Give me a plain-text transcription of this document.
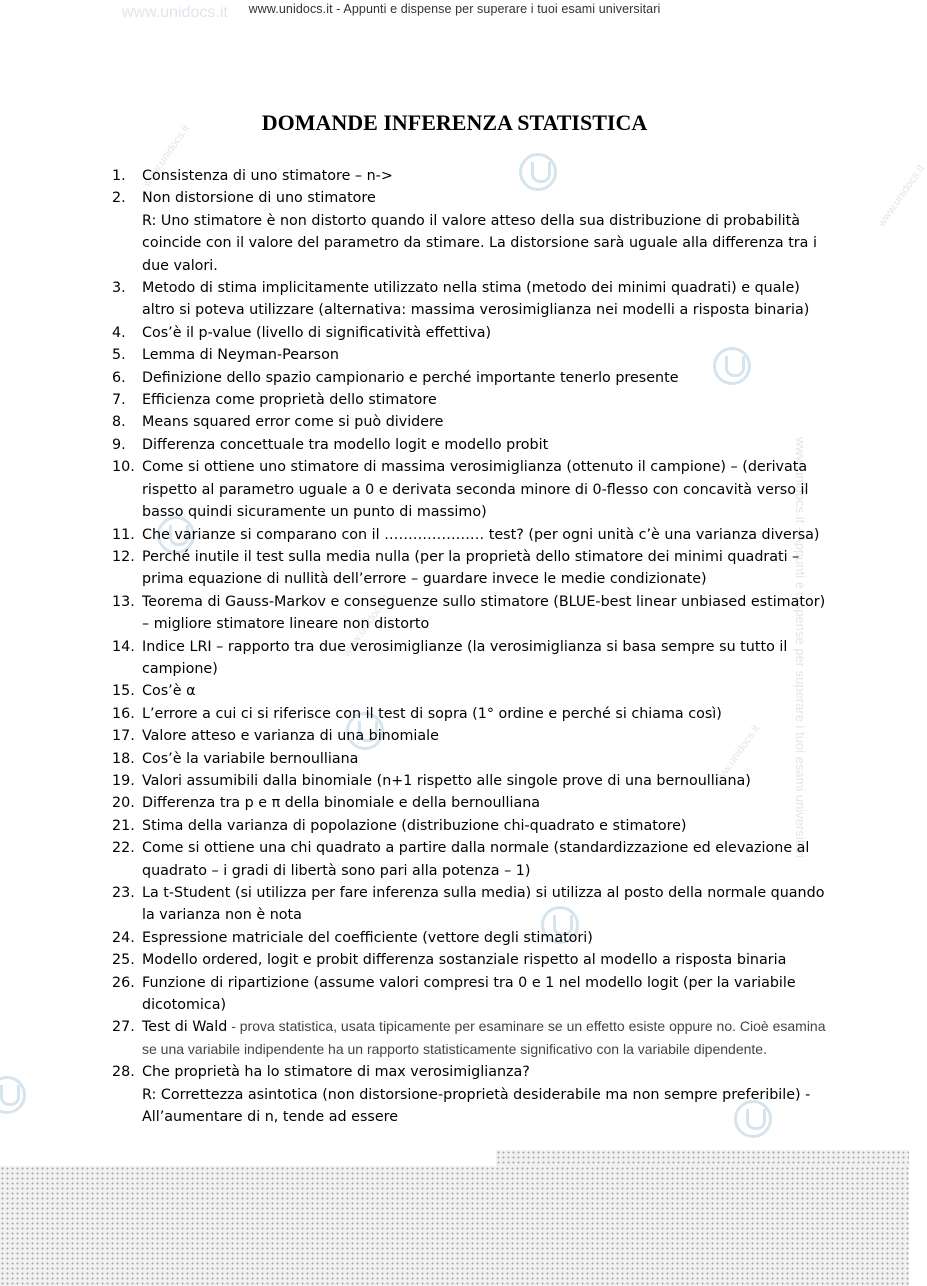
www.unidocs.it
www.unidocs.it - Appunti e dispense per superare i tuoi esami universitari
www.unidocs.it
www.unidocs.it
www.unidocs.it
www.unidocs.it
www.unidocs.it - Appunti e dispense per superare i tuoi esami universitari
DOMANDE INFERENZA STATISTICA
1. Consistenza di uno stimatore – n->
2. Non distorsione di uno stimatore
R: Uno stimatore è non distorto quando il valore atteso della sua distribuzione di probabilità coincide con il valore del parametro da stimare. La distorsione sarà uguale alla differenza tra i due valori.
3. Metodo di stima implicitamente utilizzato nella stima (metodo dei minimi quadrati) e quale) altro si poteva utilizzare (alternativa: massima verosimiglianza nei modelli a risposta binaria)
4. Cos’è il p-value (livello di significatività effettiva)
5. Lemma di Neyman-Pearson
6. Definizione dello spazio campionario e perché importante tenerlo presente
7. Efficienza come proprietà dello stimatore
8. Means squared error come si può dividere
9. Differenza concettuale tra modello logit e modello probit
10. Come si ottiene uno stimatore di massima verosimiglianza (ottenuto il campione) – (derivata rispetto al parametro uguale a 0 e derivata seconda minore di 0-flesso con concavità verso il basso quindi sicuramente un punto di massimo)
11. Che varianze si comparano con il ………………… test? (per ogni unità c’è una varianza diversa)
12. Perché inutile il test sulla media nulla (per la proprietà dello stimatore dei minimi quadrati – prima equazione di nullità dell’errore – guardare invece le medie condizionate)
13. Teorema di Gauss-Markov e conseguenze sullo stimatore (BLUE-best linear unbiased estimator) – migliore stimatore lineare non distorto
14. Indice LRI – rapporto tra due verosimiglianze (la verosimiglianza si basa sempre su tutto il campione)
15. Cos’è α
16. L’errore a cui ci si riferisce con il test di sopra (1° ordine e perché si chiama così)
17. Valore atteso e varianza di una binomiale
18. Cos’è la variabile bernoulliana
19. Valori assumibili dalla binomiale (n+1 rispetto alle singole prove di una bernoulliana)
20. Differenza tra p e π della binomiale e della bernoulliana
21. Stima della varianza di popolazione (distribuzione chi-quadrato e stimatore)
22. Come si ottiene una chi quadrato a partire dalla normale (standardizzazione ed elevazione al quadrato – i gradi di libertà sono pari alla potenza – 1)
23. La t-Student (si utilizza per fare inferenza sulla media) si utilizza al posto della normale quando la varianza non è nota
24. Espressione matriciale del coefficiente (vettore degli stimatori)
25. Modello ordered, logit e probit differenza sostanziale rispetto al modello a risposta binaria
26. Funzione di ripartizione (assume valori compresi tra 0 e 1 nel modello logit (per la variabile dicotomica)
27. Test di Wald - prova statistica, usata tipicamente per esaminare se un effetto esiste oppure no. Cioè esamina se una variabile indipendente ha un rapporto statisticamente significativo con la variabile dipendente.
28. Che proprietà ha lo stimatore di max verosimiglianza?
R: Correttezza asintotica (non distorsione-proprietà desiderabile ma non sempre preferibile) - All’aumentare di n, tende ad essere
